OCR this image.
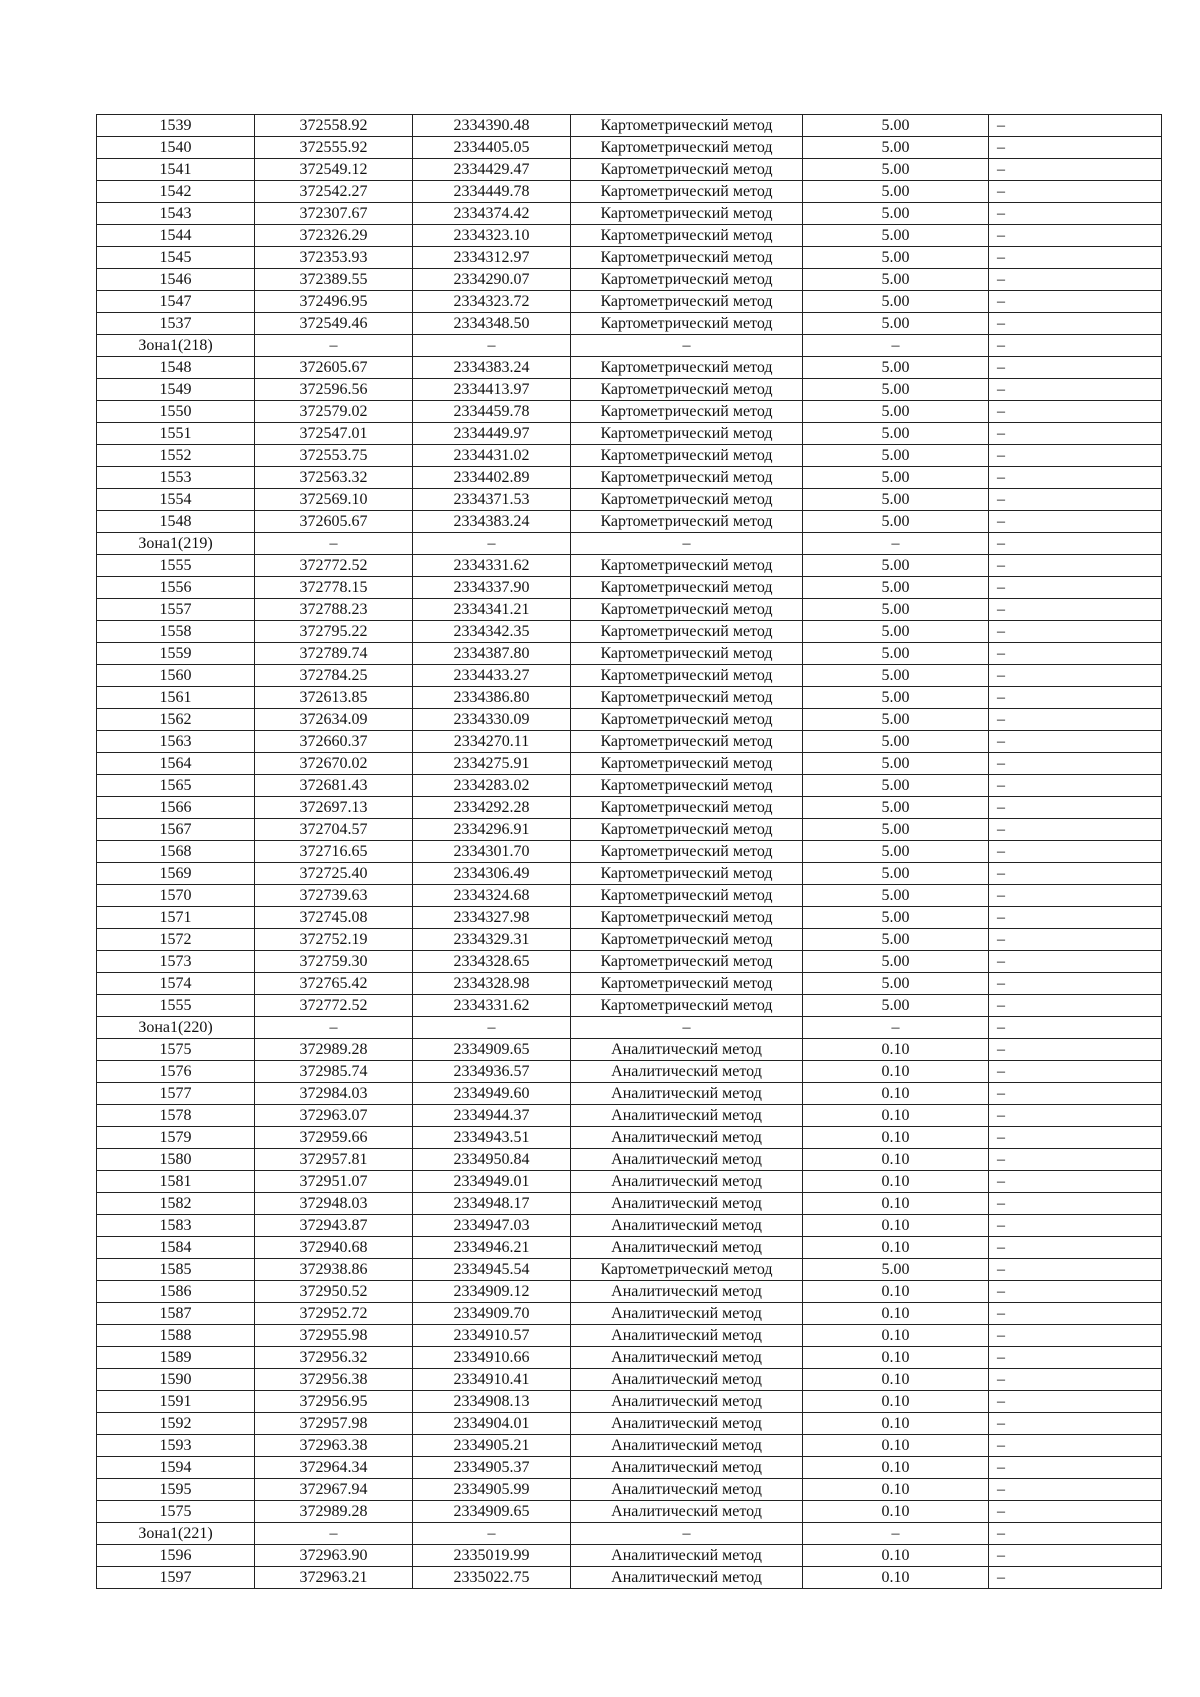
1539	372558.92	2334390.48	Картометрический метод	5.00	–
1540	372555.92	2334405.05	Картометрический метод	5.00	–
1541	372549.12	2334429.47	Картометрический метод	5.00	–
1542	372542.27	2334449.78	Картометрический метод	5.00	–
1543	372307.67	2334374.42	Картометрический метод	5.00	–
1544	372326.29	2334323.10	Картометрический метод	5.00	–
1545	372353.93	2334312.97	Картометрический метод	5.00	–
1546	372389.55	2334290.07	Картометрический метод	5.00	–
1547	372496.95	2334323.72	Картометрический метод	5.00	–
1537	372549.46	2334348.50	Картометрический метод	5.00	–
Зона1(218)	–	–	–	–	–
1548	372605.67	2334383.24	Картометрический метод	5.00	–
1549	372596.56	2334413.97	Картометрический метод	5.00	–
1550	372579.02	2334459.78	Картометрический метод	5.00	–
1551	372547.01	2334449.97	Картометрический метод	5.00	–
1552	372553.75	2334431.02	Картометрический метод	5.00	–
1553	372563.32	2334402.89	Картометрический метод	5.00	–
1554	372569.10	2334371.53	Картометрический метод	5.00	–
1548	372605.67	2334383.24	Картометрический метод	5.00	–
Зона1(219)	–	–	–	–	–
1555	372772.52	2334331.62	Картометрический метод	5.00	–
1556	372778.15	2334337.90	Картометрический метод	5.00	–
1557	372788.23	2334341.21	Картометрический метод	5.00	–
1558	372795.22	2334342.35	Картометрический метод	5.00	–
1559	372789.74	2334387.80	Картометрический метод	5.00	–
1560	372784.25	2334433.27	Картометрический метод	5.00	–
1561	372613.85	2334386.80	Картометрический метод	5.00	–
1562	372634.09	2334330.09	Картометрический метод	5.00	–
1563	372660.37	2334270.11	Картометрический метод	5.00	–
1564	372670.02	2334275.91	Картометрический метод	5.00	–
1565	372681.43	2334283.02	Картометрический метод	5.00	–
1566	372697.13	2334292.28	Картометрический метод	5.00	–
1567	372704.57	2334296.91	Картометрический метод	5.00	–
1568	372716.65	2334301.70	Картометрический метод	5.00	–
1569	372725.40	2334306.49	Картометрический метод	5.00	–
1570	372739.63	2334324.68	Картометрический метод	5.00	–
1571	372745.08	2334327.98	Картометрический метод	5.00	–
1572	372752.19	2334329.31	Картометрический метод	5.00	–
1573	372759.30	2334328.65	Картометрический метод	5.00	–
1574	372765.42	2334328.98	Картометрический метод	5.00	–
1555	372772.52	2334331.62	Картометрический метод	5.00	–
Зона1(220)	–	–	–	–	–
1575	372989.28	2334909.65	Аналитический метод	0.10	–
1576	372985.74	2334936.57	Аналитический метод	0.10	–
1577	372984.03	2334949.60	Аналитический метод	0.10	–
1578	372963.07	2334944.37	Аналитический метод	0.10	–
1579	372959.66	2334943.51	Аналитический метод	0.10	–
1580	372957.81	2334950.84	Аналитический метод	0.10	–
1581	372951.07	2334949.01	Аналитический метод	0.10	–
1582	372948.03	2334948.17	Аналитический метод	0.10	–
1583	372943.87	2334947.03	Аналитический метод	0.10	–
1584	372940.68	2334946.21	Аналитический метод	0.10	–
1585	372938.86	2334945.54	Картометрический метод	5.00	–
1586	372950.52	2334909.12	Аналитический метод	0.10	–
1587	372952.72	2334909.70	Аналитический метод	0.10	–
1588	372955.98	2334910.57	Аналитический метод	0.10	–
1589	372956.32	2334910.66	Аналитический метод	0.10	–
1590	372956.38	2334910.41	Аналитический метод	0.10	–
1591	372956.95	2334908.13	Аналитический метод	0.10	–
1592	372957.98	2334904.01	Аналитический метод	0.10	–
1593	372963.38	2334905.21	Аналитический метод	0.10	–
1594	372964.34	2334905.37	Аналитический метод	0.10	–
1595	372967.94	2334905.99	Аналитический метод	0.10	–
1575	372989.28	2334909.65	Аналитический метод	0.10	–
Зона1(221)	–	–	–	–	–
1596	372963.90	2335019.99	Аналитический метод	0.10	–
1597	372963.21	2335022.75	Аналитический метод	0.10	–
